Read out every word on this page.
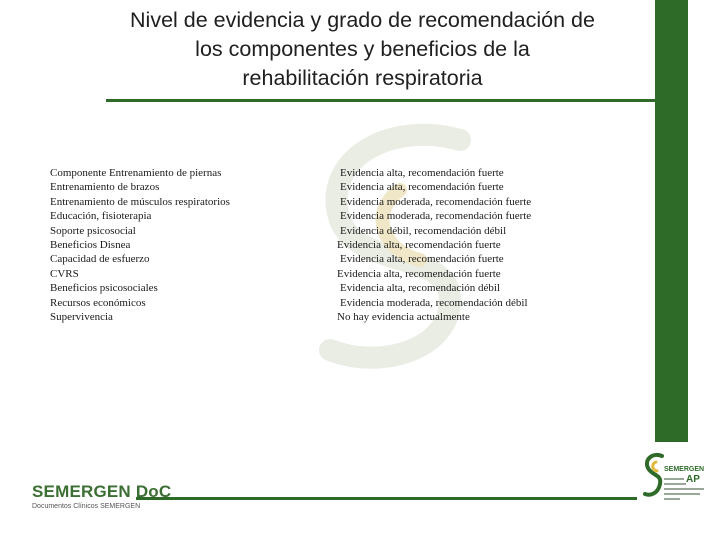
Nivel de evidencia y grado de recomendación de
los componentes y beneficios de la
rehabilitación respiratoria
Componente Entrenamiento de piernas
Entrenamiento de brazos
Entrenamiento de músculos respiratorios
Educación, fisioterapia
Soporte psicosocial
Beneficios Disnea
Capacidad de esfuerzo
CVRS
Beneficios psicosociales
Recursos económicos
Supervivencia
Evidencia alta, recomendación fuerte
Evidencia alta, recomendación fuerte
Evidencia moderada, recomendación fuerte
Evidencia moderada, recomendación fuerte
Evidencia débil, recomendación débil
Evidencia alta, recomendación fuerte
Evidencia alta, recomendación fuerte
Evidencia alta, recomendación fuerte
Evidencia alta, recomendación débil
Evidencia moderada, recomendación débil
No hay evidencia actualmente
SEMERGEN DoC
Documentos Clínicos SEMERGEN
SEMERGEN
AP
